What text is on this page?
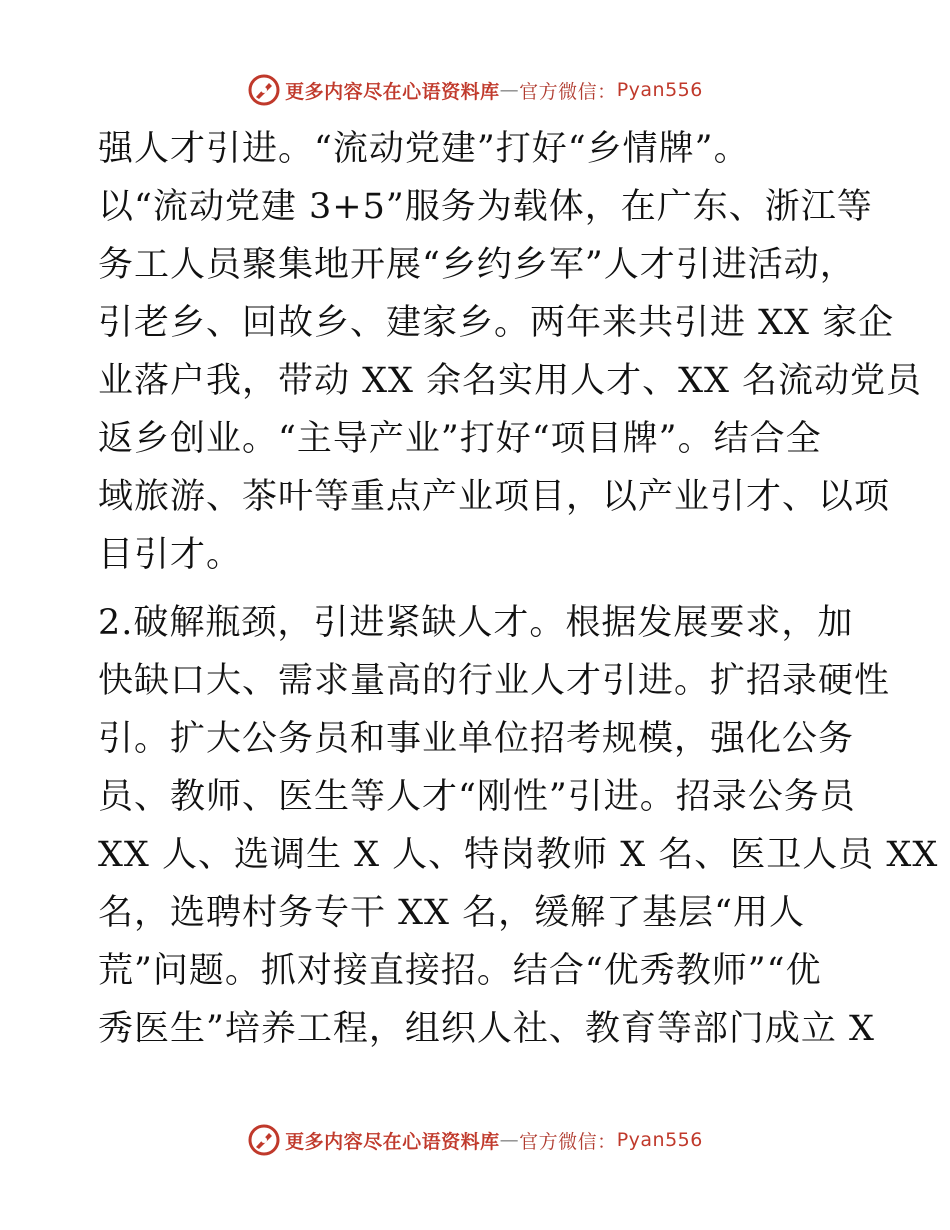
更多内容尽在心语资料库 — 官方微信： Pyan556
强人才引进。“流动党建”打好“乡情牌”。
以“流动党建 3+5”服务为载体，在广东、浙江等
务工人员聚集地开展“乡约乡军”人才引进活动，
引老乡、回故乡、建家乡。两年来共引进 XX 家企
业落户我，带动 XX 余名实用人才、XX 名流动党员
返乡创业。“主导产业”打好“项目牌”。结合全
域旅游、茶叶等重点产业项目，以产业引才、以项
目引才。
2.破解瓶颈，引进紧缺人才。根据发展要求，加
快缺口大、需求量高的行业人才引进。扩招录硬性
引。扩大公务员和事业单位招考规模，强化公务
员、教师、医生等人才“刚性”引进。招录公务员
XX 人、选调生 X 人、特岗教师 X 名、医卫人员 XX
名，选聘村务专干 XX 名，缓解了基层“用人
荒”问题。抓对接直接招。结合“优秀教师”“优
秀医生”培养工程，组织人社、教育等部门成立 X
更多内容尽在心语资料库 — 官方微信： Pyan556
